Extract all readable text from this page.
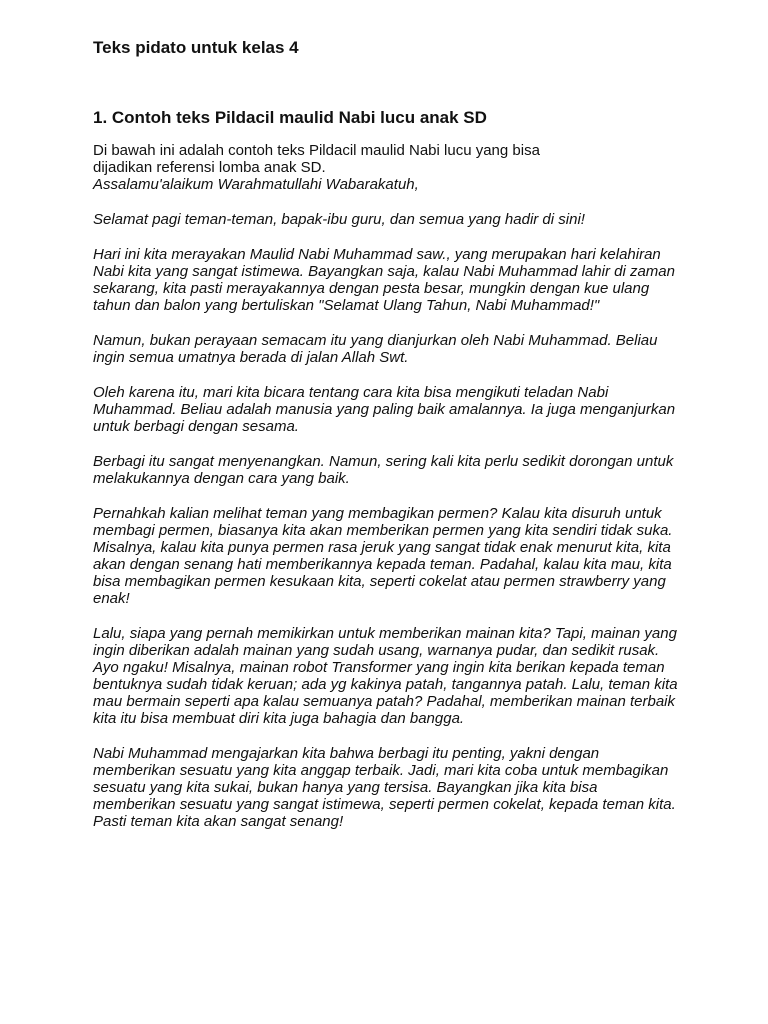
Teks pidato untuk kelas 4
1. Contoh teks Pildacil maulid Nabi lucu anak SD

Di bawah ini adalah contoh teks Pildacil maulid Nabi lucu yang bisa
dijadikan referensi lomba anak SD.
Assalamu'alaikum Warahmatullahi Wabarakatuh,

Selamat pagi teman-teman, bapak-ibu guru, dan semua yang hadir di sini!

Hari ini kita merayakan Maulid Nabi Muhammad saw., yang merupakan hari kelahiran Nabi kita yang sangat istimewa. Bayangkan saja, kalau Nabi Muhammad lahir di zaman sekarang, kita pasti merayakannya dengan pesta besar, mungkin dengan kue ulang tahun dan balon yang bertuliskan "Selamat Ulang Tahun, Nabi Muhammad!"

Namun, bukan perayaan semacam itu yang dianjurkan oleh Nabi Muhammad. Beliau ingin semua umatnya berada di jalan Allah Swt.

Oleh karena itu, mari kita bicara tentang cara kita bisa mengikuti teladan Nabi Muhammad. Beliau adalah manusia yang paling baik amalannya. Ia juga menganjurkan untuk berbagi dengan sesama.

Berbagi itu sangat menyenangkan. Namun, sering kali kita perlu sedikit dorongan untuk melakukannya dengan cara yang baik.

Pernahkah kalian melihat teman yang membagikan permen? Kalau kita disuruh untuk membagi permen, biasanya kita akan memberikan permen yang kita sendiri tidak suka. Misalnya, kalau kita punya permen rasa jeruk yang sangat tidak enak menurut kita, kita akan dengan senang hati memberikannya kepada teman. Padahal, kalau kita mau, kita bisa membagikan permen kesukaan kita, seperti cokelat atau permen strawberry yang enak!

Lalu, siapa yang pernah memikirkan untuk memberikan mainan kita? Tapi, mainan yang ingin diberikan adalah mainan yang sudah usang, warnanya pudar, dan sedikit rusak. Ayo ngaku! Misalnya, mainan robot Transformer yang ingin kita berikan kepada teman bentuknya sudah tidak keruan; ada yg kakinya patah, tangannya patah. Lalu, teman kita mau bermain seperti apa kalau semuanya patah? Padahal, memberikan mainan terbaik kita itu bisa membuat diri kita juga bahagia dan bangga.

Nabi Muhammad mengajarkan kita bahwa berbagi itu penting, yakni dengan memberikan sesuatu yang kita anggap terbaik. Jadi, mari kita coba untuk membagikan sesuatu yang kita sukai, bukan hanya yang tersisa. Bayangkan jika kita bisa memberikan sesuatu yang sangat istimewa, seperti permen cokelat, kepada teman kita. Pasti teman kita akan sangat senang!
